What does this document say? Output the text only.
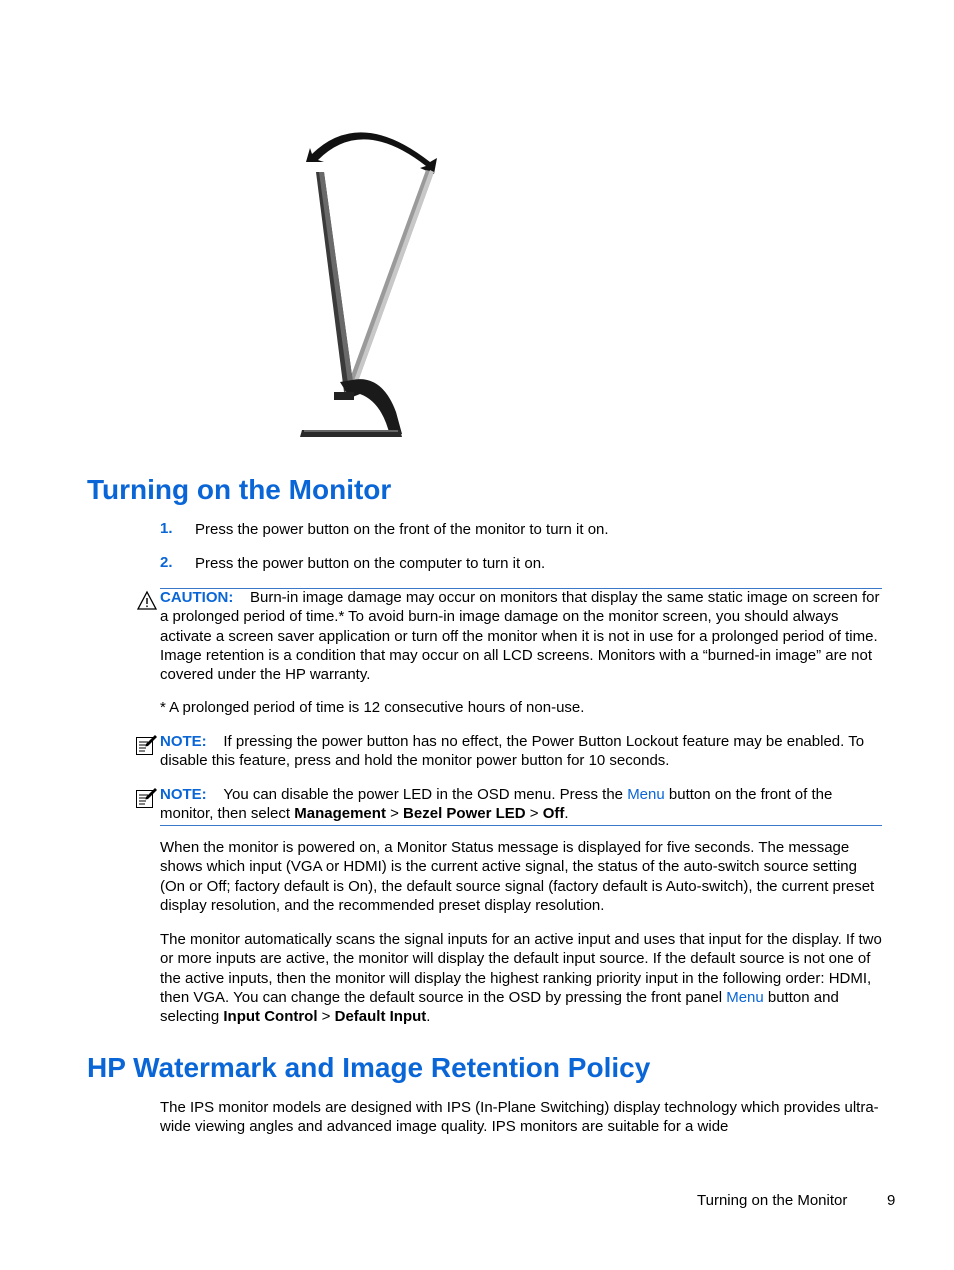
Turning on the Monitor
1. Press the power button on the front of the monitor to turn it on.
2. Press the power button on the computer to turn it on.
CAUTION: Burn-in image damage may occur on monitors that display the same static image on screen for a prolonged period of time.* To avoid burn-in image damage on the monitor screen, you should always activate a screen saver application or turn off the monitor when it is not in use for a prolonged period of time. Image retention is a condition that may occur on all LCD screens. Monitors with a “burned-in image” are not covered under the HP warranty.
* A prolonged period of time is 12 consecutive hours of non-use.
NOTE: If pressing the power button has no effect, the Power Button Lockout feature may be enabled. To disable this feature, press and hold the monitor power button for 10 seconds.
NOTE: You can disable the power LED in the OSD menu. Press the Menu button on the front of the monitor, then select Management > Bezel Power LED > Off.
When the monitor is powered on, a Monitor Status message is displayed for five seconds. The message shows which input (VGA or HDMI) is the current active signal, the status of the auto-switch source setting (On or Off; factory default is On), the default source signal (factory default is Auto-switch), the current preset display resolution, and the recommended preset display resolution.
The monitor automatically scans the signal inputs for an active input and uses that input for the display. If two or more inputs are active, the monitor will display the default input source. If the default source is not one of the active inputs, then the monitor will display the highest ranking priority input in the following order: HDMI, then VGA. You can change the default source in the OSD by pressing the front panel Menu button and selecting Input Control > Default Input.
HP Watermark and Image Retention Policy
The IPS monitor models are designed with IPS (In-Plane Switching) display technology which provides ultra-wide viewing angles and advanced image quality. IPS monitors are suitable for a wide
Turning on the Monitor	9
